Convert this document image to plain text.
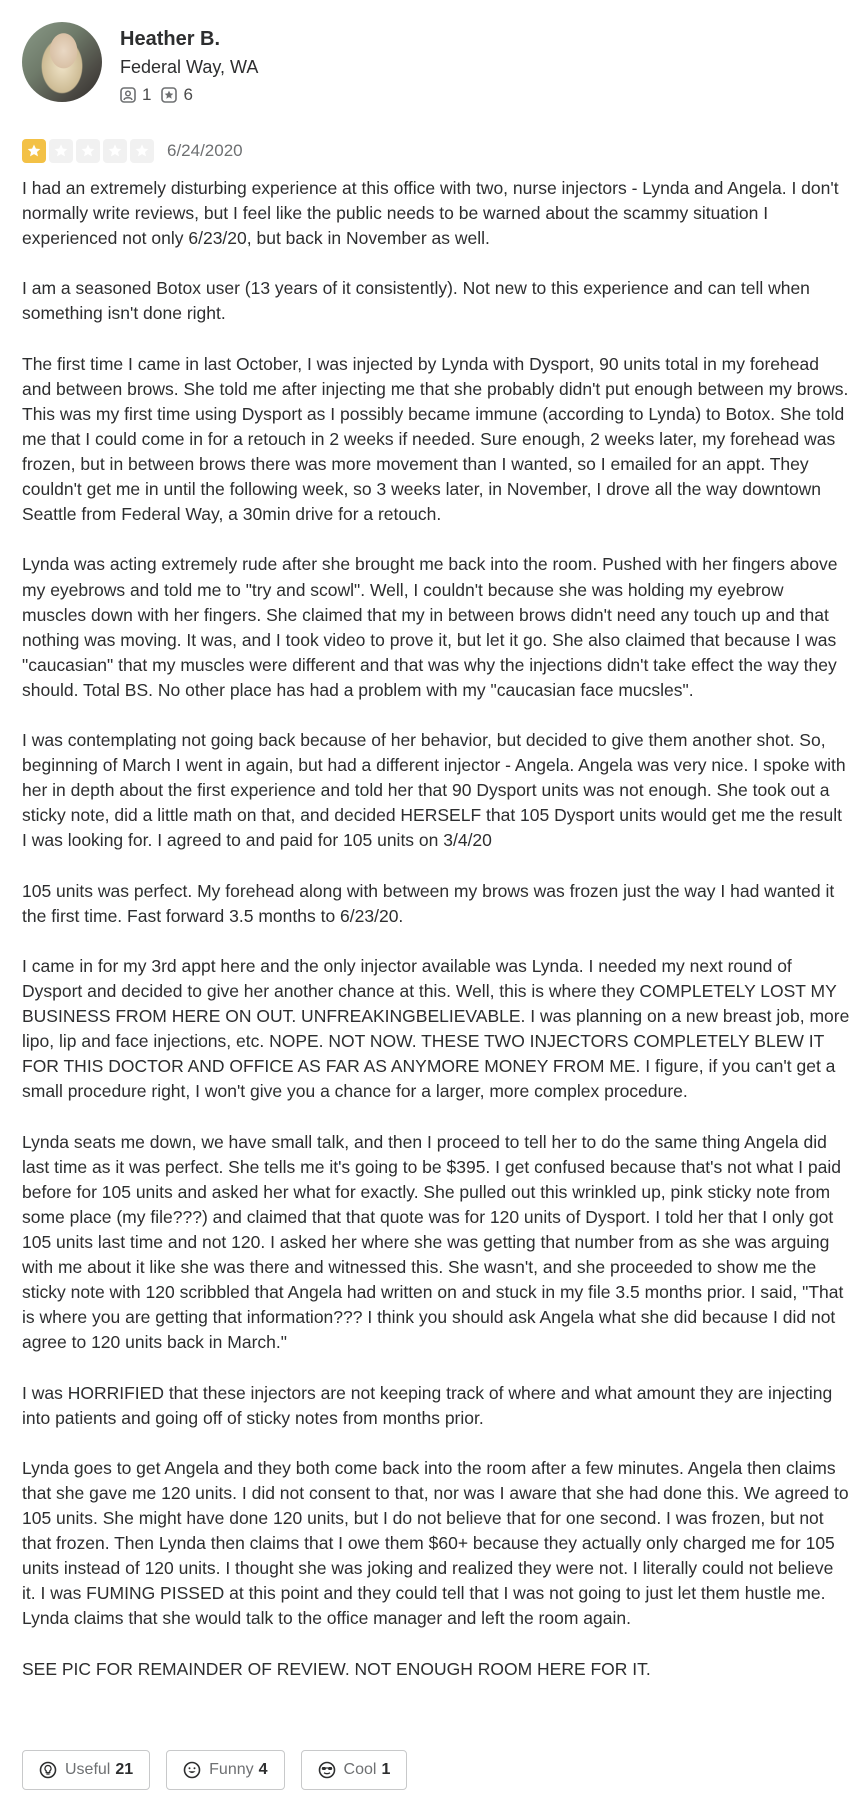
Heather B.
Federal Way, WA
1 6
6/24/2020

I had an extremely disturbing experience at this office with two, nurse injectors - Lynda and Angela. I don't normally write reviews, but I feel like the public needs to be warned about the scammy situation I experienced not only 6/23/20, but back in November as well.

I am a seasoned Botox user (13 years of it consistently). Not new to this experience and can tell when something isn't done right.

The first time I came in last October, I was injected by Lynda with Dysport, 90 units total in my forehead and between brows. She told me after injecting me that she probably didn't put enough between my brows. This was my first time using Dysport as I possibly became immune (according to Lynda) to Botox. She told me that I could come in for a retouch in 2 weeks if needed. Sure enough, 2 weeks later, my forehead was frozen, but in between brows there was more movement than I wanted, so I emailed for an appt. They couldn't get me in until the following week, so 3 weeks later, in November, I drove all the way downtown Seattle from Federal Way, a 30min drive for a retouch.

Lynda was acting extremely rude after she brought me back into the room. Pushed with her fingers above my eyebrows and told me to "try and scowl". Well, I couldn't because she was holding my eyebrow muscles down with her fingers. She claimed that my in between brows didn't need any touch up and that nothing was moving. It was, and I took video to prove it, but let it go. She also claimed that because I was "caucasian" that my muscles were different and that was why the injections didn't take effect the way they should. Total BS. No other place has had a problem with my "caucasian face mucsles".

I was contemplating not going back because of her behavior, but decided to give them another shot. So, beginning of March I went in again, but had a different injector - Angela. Angela was very nice. I spoke with her in depth about the first experience and told her that 90 Dysport units was not enough. She took out a sticky note, did a little math on that, and decided HERSELF that 105 Dysport units would get me the result I was looking for. I agreed to and paid for 105 units on 3/4/20

105 units was perfect. My forehead along with between my brows was frozen just the way I had wanted it the first time. Fast forward 3.5 months to 6/23/20.

I came in for my 3rd appt here and the only injector available was Lynda. I needed my next round of Dysport and decided to give her another chance at this. Well, this is where they COMPLETELY LOST MY BUSINESS FROM HERE ON OUT. UNFREAKINGBELIEVABLE. I was planning on a new breast job, more lipo, lip and face injections, etc. NOPE. NOT NOW. THESE TWO INJECTORS COMPLETELY BLEW IT FOR THIS DOCTOR AND OFFICE AS FAR AS ANYMORE MONEY FROM ME. I figure, if you can't get a small procedure right, I won't give you a chance for a larger, more complex procedure.

Lynda seats me down, we have small talk, and then I proceed to tell her to do the same thing Angela did last time as it was perfect. She tells me it's going to be $395. I get confused because that's not what I paid before for 105 units and asked her what for exactly. She pulled out this wrinkled up, pink sticky note from some place (my file???) and claimed that that quote was for 120 units of Dysport. I told her that I only got 105 units last time and not 120. I asked her where she was getting that number from as she was arguing with me about it like she was there and witnessed this. She wasn't, and she proceeded to show me the sticky note with 120 scribbled that Angela had written on and stuck in my file 3.5 months prior. I said, "That is where you are getting that information??? I think you should ask Angela what she did because I did not agree to 120 units back in March."

I was HORRIFIED that these injectors are not keeping track of where and what amount they are injecting into patients and going off of sticky notes from months prior.

Lynda goes to get Angela and they both come back into the room after a few minutes. Angela then claims that she gave me 120 units. I did not consent to that, nor was I aware that she had done this. We agreed to 105 units. She might have done 120 units, but I do not believe that for one second. I was frozen, but not that frozen. Then Lynda then claims that I owe them $60+ because they actually only charged me for 105 units instead of 120 units. I thought she was joking and realized they were not. I literally could not believe it. I was FUMING PISSED at this point and they could tell that I was not going to just let them hustle me. Lynda claims that she would talk to the office manager and left the room again.

SEE PIC FOR REMAINDER OF REVIEW. NOT ENOUGH ROOM HERE FOR IT.

Useful 21	Funny 4	Cool 1
